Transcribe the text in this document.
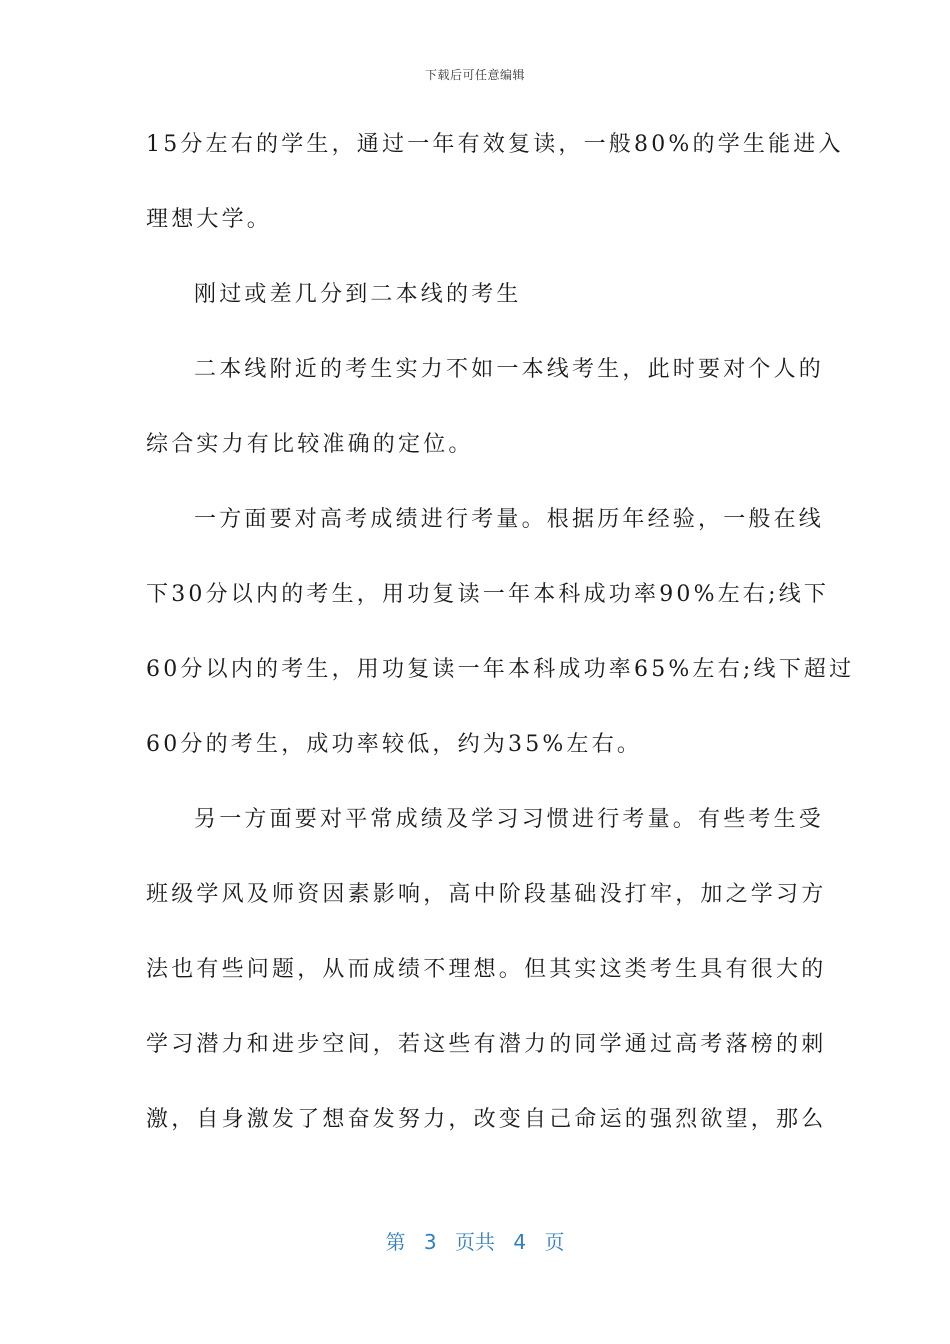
下载后可任意编辑
15分左右的学生，通过一年有效复读，一般80%的学生能进入
理想大学。
刚过或差几分到二本线的考生
二本线附近的考生实力不如一本线考生，此时要对个人的
综合实力有比较准确的定位。
一方面要对高考成绩进行考量。根据历年经验，一般在线
下30分以内的考生，用功复读一年本科成功率90%左右;线下
60分以内的考生，用功复读一年本科成功率65%左右;线下超过
60分的考生，成功率较低，约为35%左右。
另一方面要对平常成绩及学习习惯进行考量。有些考生受
班级学风及师资因素影响，高中阶段基础没打牢，加之学习方
法也有些问题，从而成绩不理想。但其实这类考生具有很大的
学习潜力和进步空间，若这些有潜力的同学通过高考落榜的刺
激，自身激发了想奋发努力，改变自己命运的强烈欲望，那么
第 3 页共 4 页
